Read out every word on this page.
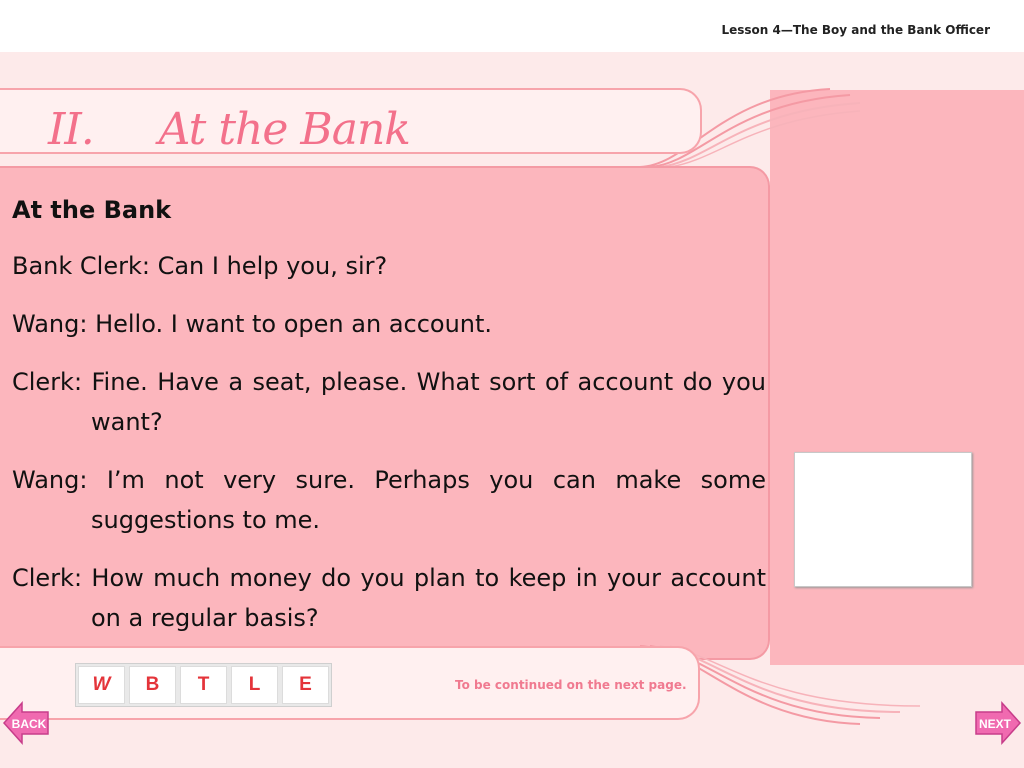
Lesson 4—The Boy and the Bank Officer
II.     At the Bank
At the Bank
Bank Clerk: Can I help you, sir?
Wang: Hello. I want to open an account.
Clerk: Fine. Have a seat, please. What sort of account do you want?
Wang: I’m not very sure. Perhaps you can make some suggestions to me.
Clerk: How much money do you plan to keep in your account on a regular basis?
W	B	T	L	E	To be continued on the next page.
BACK	NEXT
